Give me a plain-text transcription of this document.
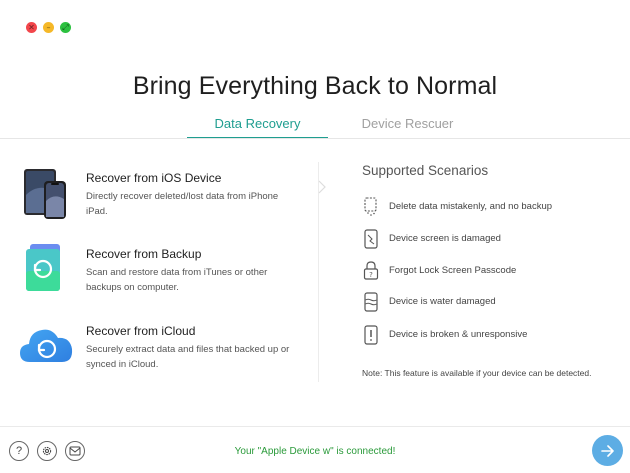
✕	–	⤢
Bring Everything Back to Normal
Data Recovery	Device Rescuer
Recover from iOS Device
Directly recover deleted/lost data from iPhone iPad.
Recover from Backup
Scan and restore data from iTunes or other backups on computer.
Recover from iCloud
Securely extract data and files that backed up or synced in iCloud.
Supported Scenarios
Delete data mistakenly, and no backup
Device screen is damaged
? Forgot Lock Screen Passcode
Device is water damaged
Device is broken & unresponsive
Note: This feature is available if your device can be detected.
?	Your "Apple Device w" is connected!
